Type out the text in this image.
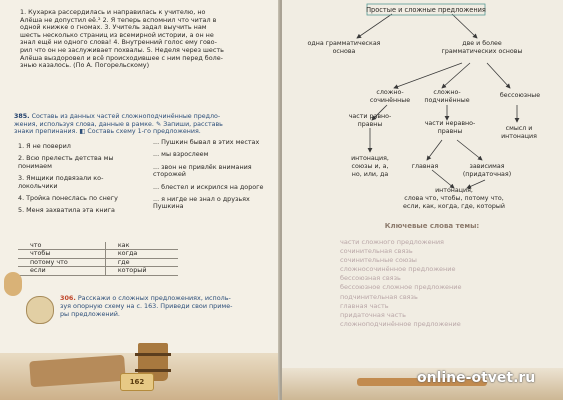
1. Кухарка рассердилась и направилась к учителю, но
Алёша не допустил её.² 2. Я теперь вспомнил что читал в
одной книжке о гномах. 3. Учитель задал выучить нам
шесть несколько страниц из всемирной истории, а он не
знал ещё ни одного слова! 4. Внутренний голос ему гово-
рил что он не заслуживает похвалы. 5. Неделя через шесть
Алёша выздоровел и всё происходившее с ним перед боле-
знью казалось. (По А. Погорельскому)
385. Составь из данных частей сложноподчинённые предло-
жения, используя слова, данные в рамке. ✎ Запиши, расставь
знаки препинания. ◧ Составь схему 1-го предложения.
1. Я не поверил
2. Всю прелесть детства мы понимаем
3. Ямщики подвязали ко- локольчики
4. Тройка понеслась по снегу
5. Меня захватила эта книга
... Пушкин бывал в этих местах
... мы взрослеем
... звон не привлёк внимания сторожей
... блестел и искрился на дороге
... я нигде не знал о друзьях Пушкина
что	как
чтобы	когда
потому что	где
если	который
306. Расскажи о сложных предложениях, исполь-
зуя опорную схему на с. 163. Приведи свои приме-
ры предложений.
162
Простые и сложные предложения
одна грамматическая
основа
две и более
грамматических основы
сложно-
сочинённые
сложно-
подчинённые
бессоюзные
части равно-
правны	части неравно-
правны	смысл и
интонация
интонация,
союзы и, а,
но, или, да
главная	зависимая
(придаточная)
интонация,
слова что, чтобы, потому что,
если, как, когда, где, который
Ключевые слова темы:
части сложного предложения
сочинительная связь
сочинительные союзы
сложносочинённое предложение
бессоюзная связь
бессоюзное сложное предложение
подчинительная связь
главная часть
придаточная часть
сложноподчинённое предложение
online-otvet.ru
